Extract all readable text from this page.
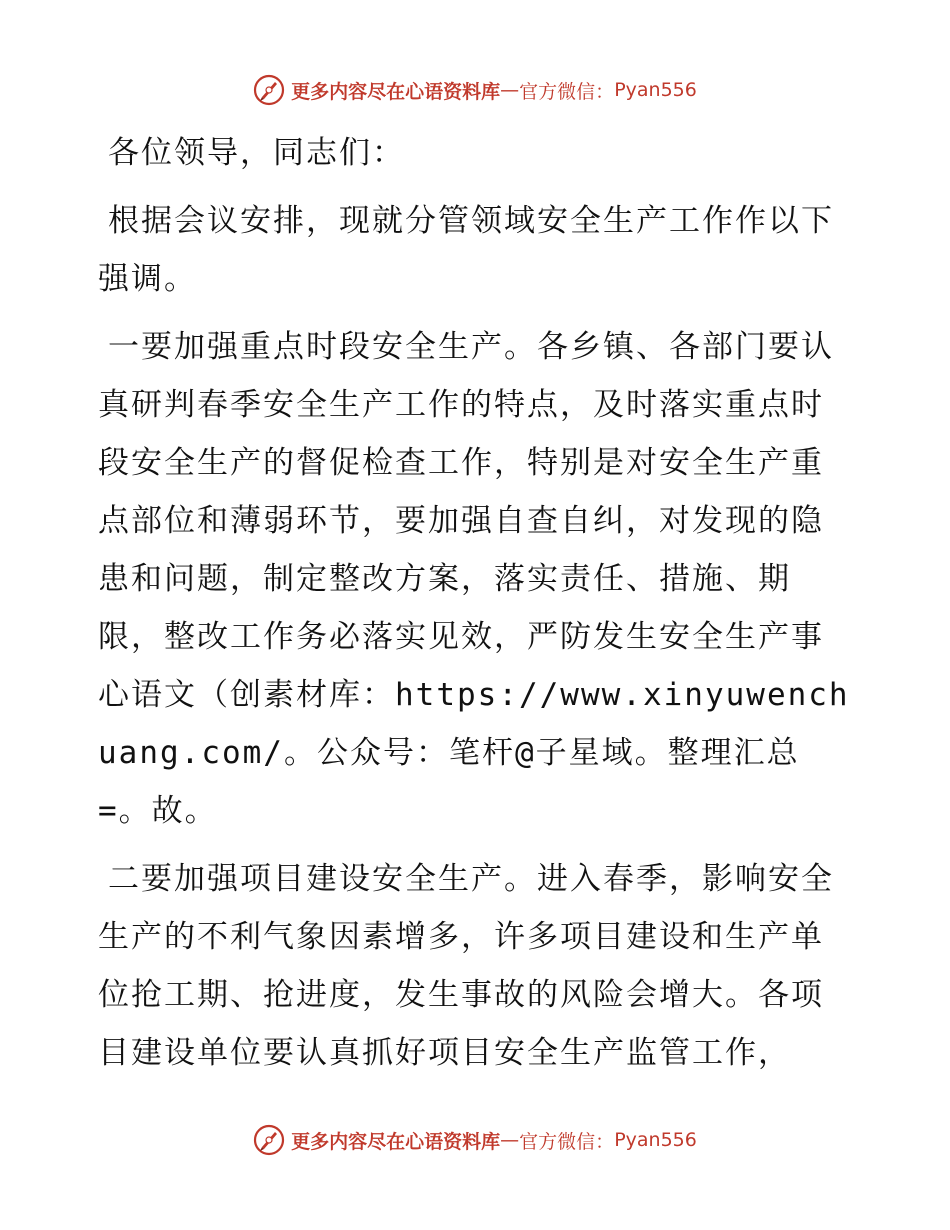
更多内容尽在心语资料库 — 官方微信： Pyan556

各位领导，同志们：

根据会议安排，现就分管领域安全生产工作作以下强调。

一要加强重点时段安全生产。各乡镇、各部门要认真研判春季安全生产工作的特点，及时落实重点时段安全生产的督促检查工作，特别是对安全生产重点部位和薄弱环节，要加强自查自纠，对发现的隐患和问题，制定整改方案，落实责任、措施、期限，整改工作务必落实见效，严防发生安全生产事心语文（创素材库：https://www.xinyuwenchuang.com/。公众号：笔杆@子星域。整理汇总=。故。

二要加强项目建设安全生产。进入春季，影响安全生产的不利气象因素增多，许多项目建设和生产单位抢工期、抢进度，发生事故的风险会增大。各项目建设单位要认真抓好项目安全生产监管工作，

更多内容尽在心语资料库 — 官方微信： Pyan556
